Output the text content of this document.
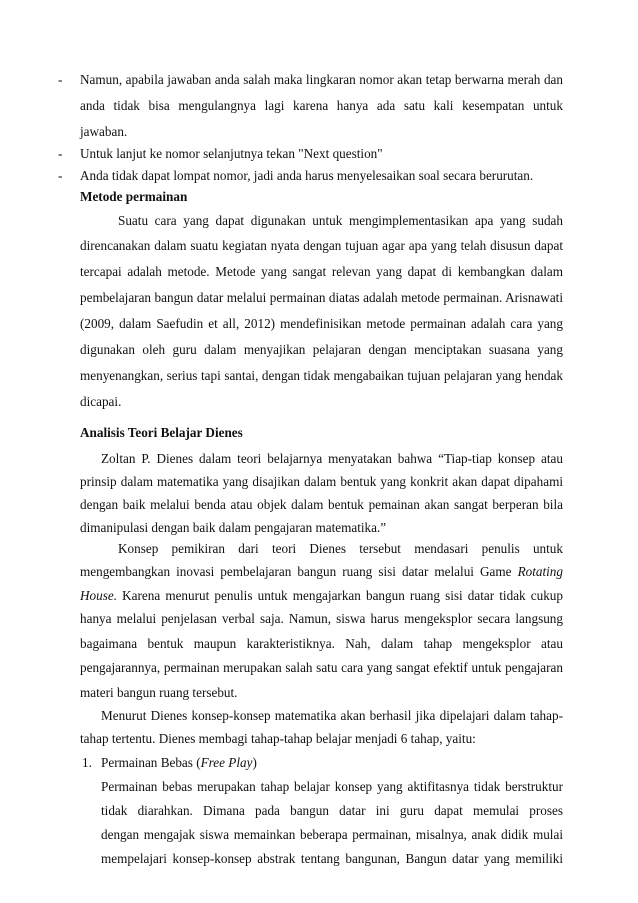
-	Namun, apabila jawaban anda salah maka lingkaran nomor akan tetap berwarna merah dan
anda tidak bisa mengulangnya lagi karena hanya ada satu kali kesempatan untuk
jawaban.
-	Untuk lanjut ke nomor selanjutnya tekan "Next question"
-	Anda tidak dapat lompat nomor, jadi anda harus menyelesaikan soal secara berurutan.
Metode permainan
Suatu cara yang dapat digunakan untuk mengimplementasikan apa yang sudah
direncanakan dalam suatu kegiatan nyata dengan tujuan agar apa yang telah disusun dapat
tercapai adalah metode. Metode yang sangat relevan yang dapat di kembangkan dalam
pembelajaran bangun datar melalui permainan diatas adalah metode permainan. Arisnawati
(2009, dalam Saefudin et all, 2012) mendefinisikan metode permainan adalah cara yang
digunakan oleh guru dalam menyajikan pelajaran dengan menciptakan suasana yang
menyenangkan, serius tapi santai, dengan tidak mengabaikan tujuan pelajaran yang hendak
dicapai.
Analisis Teori Belajar Dienes
Zoltan P. Dienes dalam teori belajarnya menyatakan bahwa “Tiap-tiap konsep atau
prinsip dalam matematika yang disajikan dalam bentuk yang konkrit akan dapat dipahami
dengan baik melalui benda atau objek dalam bentuk pemainan akan sangat berperan bila
dimanipulasi dengan baik dalam pengajaran matematika.”
Konsep pemikiran dari teori Dienes tersebut mendasari penulis untuk
mengembangkan inovasi pembelajaran bangun ruang sisi datar melalui Game Rotating
House. Karena menurut penulis untuk mengajarkan bangun ruang sisi datar tidak cukup
hanya melalui penjelasan verbal saja. Namun, siswa harus mengeksplor secara langsung
bagaimana bentuk maupun karakteristiknya. Nah, dalam tahap mengeksplor atau
pengajarannya, permainan merupakan salah satu cara yang sangat efektif untuk pengajaran
materi bangun ruang tersebut.
Menurut Dienes konsep-konsep matematika akan berhasil jika dipelajari dalam tahap-
tahap tertentu. Dienes membagi tahap-tahap belajar menjadi 6 tahap, yaitu:
1. Permainan Bebas (Free Play)
Permainan bebas merupakan tahap belajar konsep yang aktifitasnya tidak berstruktur
tidak diarahkan. Dimana pada bangun datar ini guru dapat memulai proses
dengan mengajak siswa memainkan beberapa permainan, misalnya, anak didik mulai
mempelajari konsep-konsep abstrak tentang bangunan, Bangun datar yang memiliki
